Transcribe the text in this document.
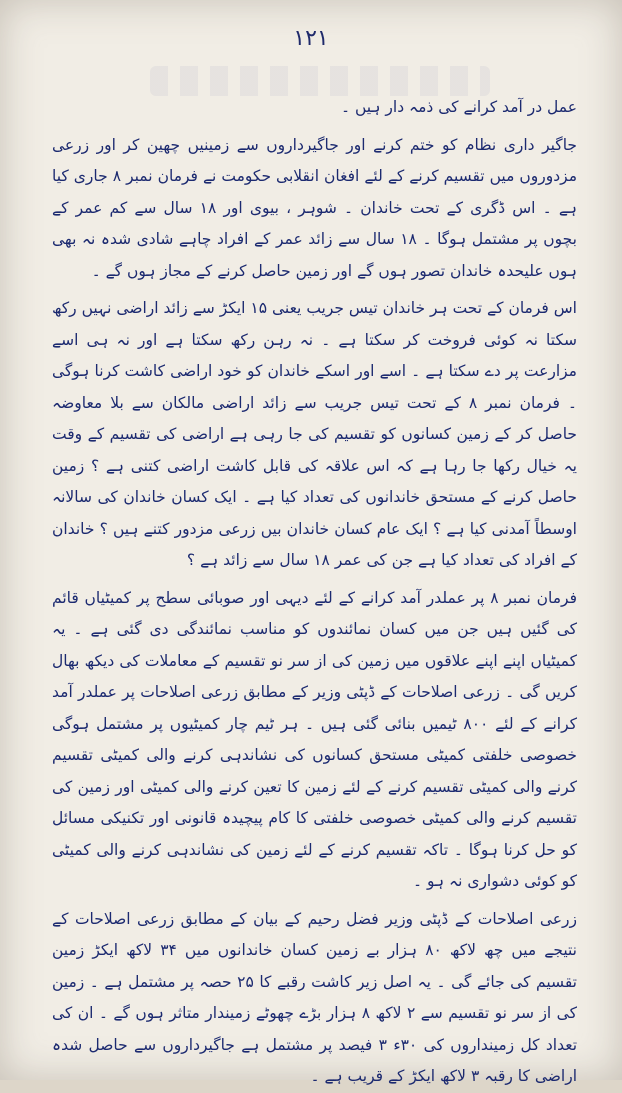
۱۲۱

عمل در آمد کرانے کی ذمہ دار ہیں ۔

جاگیر داری نظام کو ختم کرنے اور جاگیرداروں سے زمینیں چھین کر اور زرعی مزدوروں میں تقسیم کرنے کے لئے افغان انقلابی حکومت نے فرمان نمبر ۸ جاری کیا ہے ۔ اس ڈگری کے تحت خاندان ۔ شوہر ، بیوی اور ۱۸ سال سے کم عمر کے بچوں پر مشتمل ہوگا ۔ ۱۸ سال سے زائد عمر کے افراد چاہے شادی شدہ نہ بھی ہوں علیحدہ خاندان تصور ہوں گے اور زمین حاصل کرنے کے مجاز ہوں گے ۔

اس فرمان کے تحت ہر خاندان تیس جریب یعنی ۱۵ ایکڑ سے زائد اراضی نہیں رکھ سکتا نہ کوئی فروخت کر سکتا ہے ۔ نہ رہن رکھ سکتا ہے اور نہ ہی اسے مزارعت پر دے سکتا ہے ۔ اسے اور اسکے خاندان کو خود اراضی کاشت کرنا ہوگی ۔ فرمان نمبر ۸ کے تحت تیس جریب سے زائد اراضی مالکان سے بلا معاوضہ حاصل کر کے زمین کسانوں کو تقسیم کی جا رہی ہے اراضی کی تقسیم کے وقت یہ خیال رکھا جا رہا ہے کہ اس علاقہ کی قابل کاشت اراضی کتنی ہے ؟ زمین حاصل کرنے کے مستحق خاندانوں کی تعداد کیا ہے ۔ ایک کسان خاندان کی سالانہ اوسطاً آمدنی کیا ہے ؟ ایک عام کسان خاندان بیں زرعی مزدور کتنے ہیں ؟ خاندان کے افراد کی تعداد کیا ہے جن کی عمر ۱۸ سال سے زائد ہے ؟

فرمان نمبر ۸ پر عملدر آمد کرانے کے لئے دیہی اور صوبائی سطح پر کمیٹیاں قائم کی گئیں ہیں جن میں کسان نمائندوں کو مناسب نمائندگی دی گئی ہے ۔ یہ کمیٹیاں اپنے اپنے علاقوں میں زمین کی از سر نو تقسیم کے معاملات کی دیکھ بھال کریں گی ۔ زرعی اصلاحات کے ڈپٹی وزیر کے مطابق زرعی اصلاحات پر عملدر آمد کرانے کے لئے ۸۰۰ ٹیمیں بنائی گئی ہیں ۔ ہر ٹیم چار کمیٹیوں پر مشتمل ہوگی خصوصی خلفتی کمیٹی مستحق کسانوں کی نشاندہی کرنے والی کمیٹی تقسیم کرنے والی کمیٹی تقسیم کرنے کے لئے زمین کا تعین کرنے والی کمیٹی اور زمین کی تقسیم کرنے والی کمیٹی خصوصی خلفتی کا کام پیچیدہ قانونی اور تکنیکی مسائل کو حل کرنا ہوگا ۔ تاکہ تقسیم کرنے کے لئے زمین کی نشاندہی کرنے والی کمیٹی کو کوئی دشواری نہ ہو ۔

زرعی اصلاحات کے ڈپٹی وزیر فضل رحیم کے بیان کے مطابق زرعی اصلاحات کے نتیجے میں چھ لاکھ ۸۰ ہزار بے زمین کسان خاندانوں میں ۳۴ لاکھ ایکڑ زمین تقسیم کی جائے گی ۔ یہ اصل زیر کاشت رقبے کا ۲۵ حصہ پر مشتمل ہے ۔ زمین کی از سر نو تقسیم سے ۲ لاکھ ۸ ہزار بڑے چھوٹے زمیندار متاثر ہوں گے ۔ ان کی تعداد کل زمینداروں کی ۳۰ء ۳ فیصد پر مشتمل ہے جاگیرداروں سے حاصل شدہ اراضی کا رقبہ ۳ لاکھ ایکڑ کے قریب ہے ۔
